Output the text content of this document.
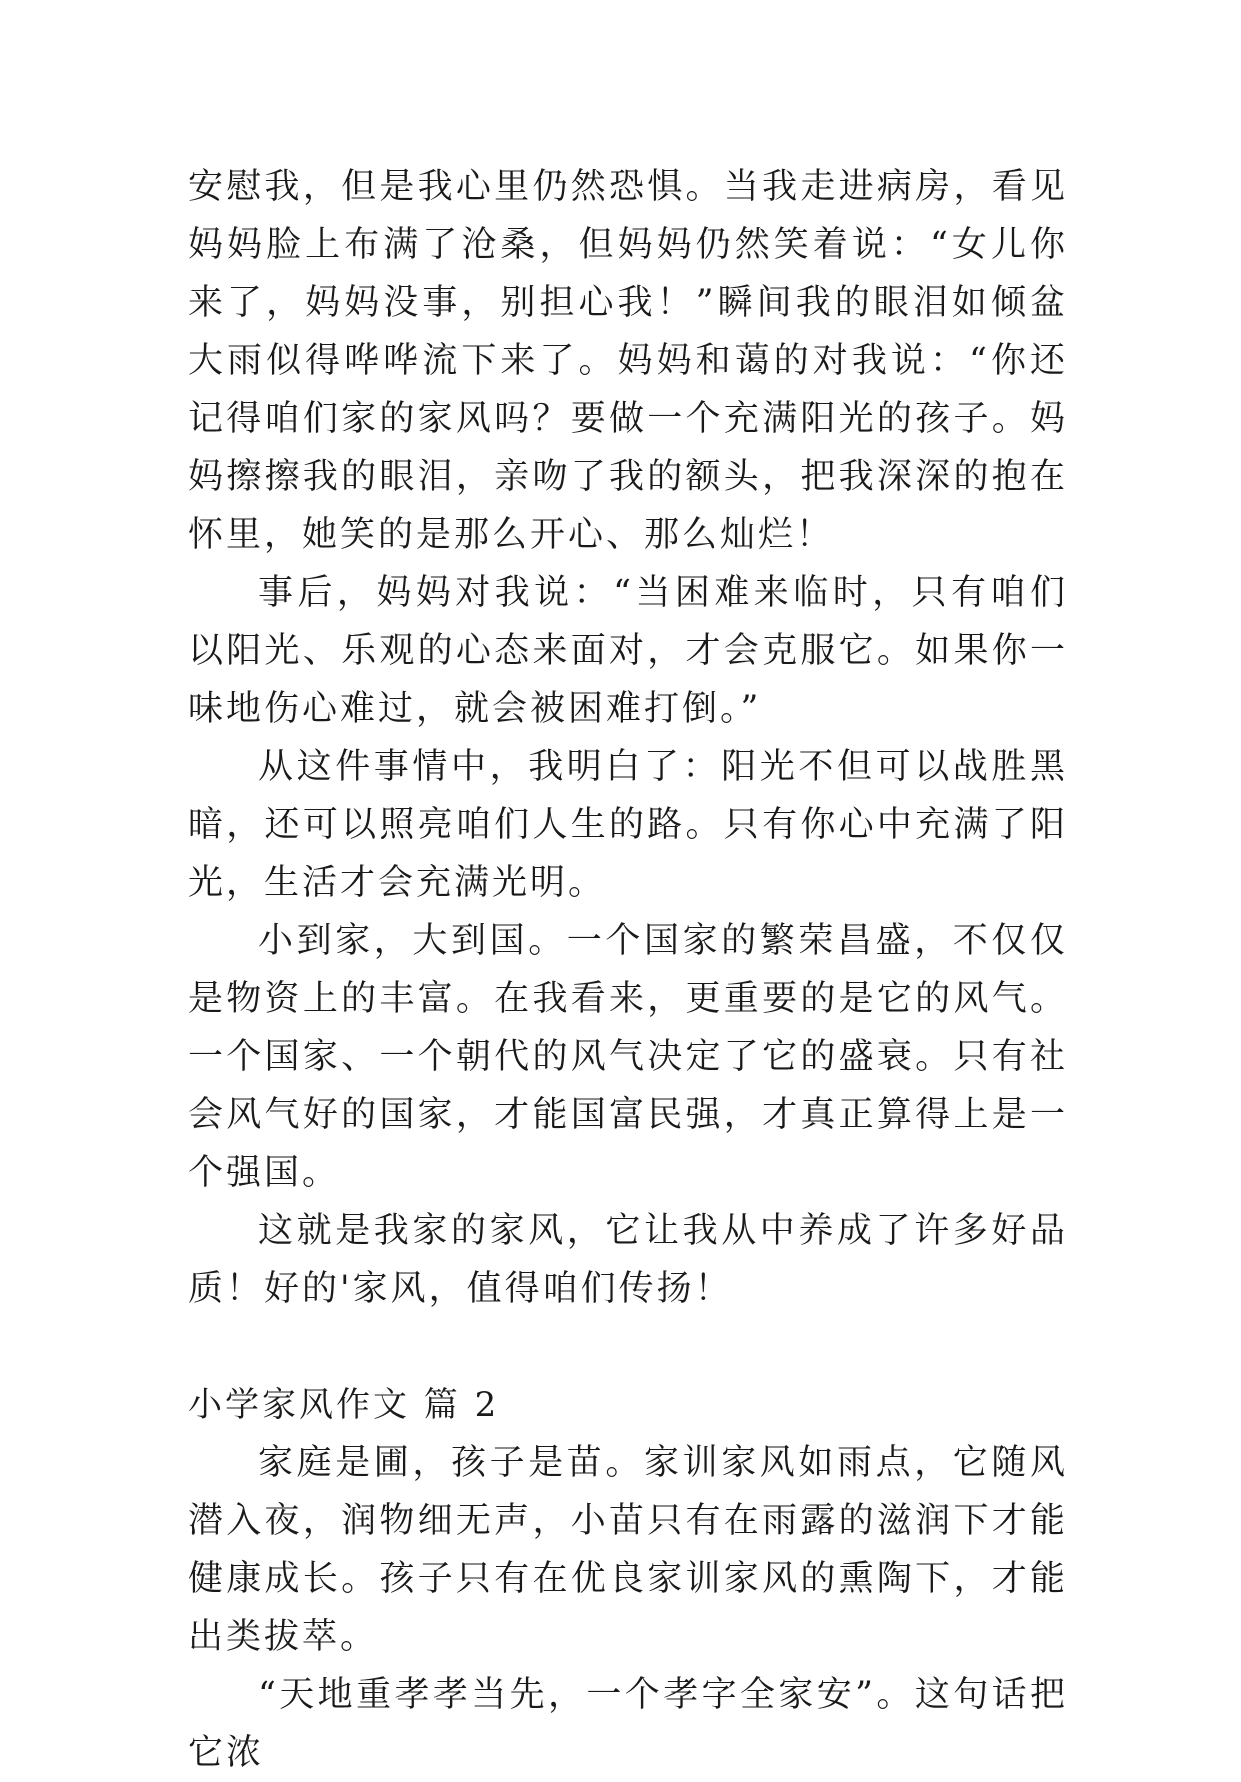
安慰我，但是我心里仍然恐惧。当我走进病房，看见妈妈脸上布满了沧桑，但妈妈仍然笑着说：“女儿你来了，妈妈没事，别担心我！”瞬间我的眼泪如倾盆大雨似得哗哗流下来了。妈妈和蔼的对我说：“你还记得咱们家的家风吗？要做一个充满阳光的孩子。妈妈擦擦我的眼泪，亲吻了我的额头，把我深深的抱在怀里，她笑的是那么开心、那么灿烂！

事后，妈妈对我说：“当困难来临时，只有咱们以阳光、乐观的心态来面对，才会克服它。如果你一味地伤心难过，就会被困难打倒。”

从这件事情中，我明白了：阳光不但可以战胜黑暗，还可以照亮咱们人生的路。只有你心中充满了阳光，生活才会充满光明。

小到家，大到国。一个国家的繁荣昌盛，不仅仅是物资上的丰富。在我看来，更重要的是它的风气。一个国家、一个朝代的风气决定了它的盛衰。只有社会风气好的国家，才能国富民强，才真正算得上是一个强国。

这就是我家的家风，它让我从中养成了许多好品质！好的'家风，值得咱们传扬！

小学家风作文 篇 2

家庭是圃，孩子是苗。家训家风如雨点，它随风潜入夜，润物细无声，小苗只有在雨露的滋润下才能健康成长。孩子只有在优良家训家风的熏陶下，才能出类拔萃。

“天地重孝孝当先，一个孝字全家安”。这句话把它浓
